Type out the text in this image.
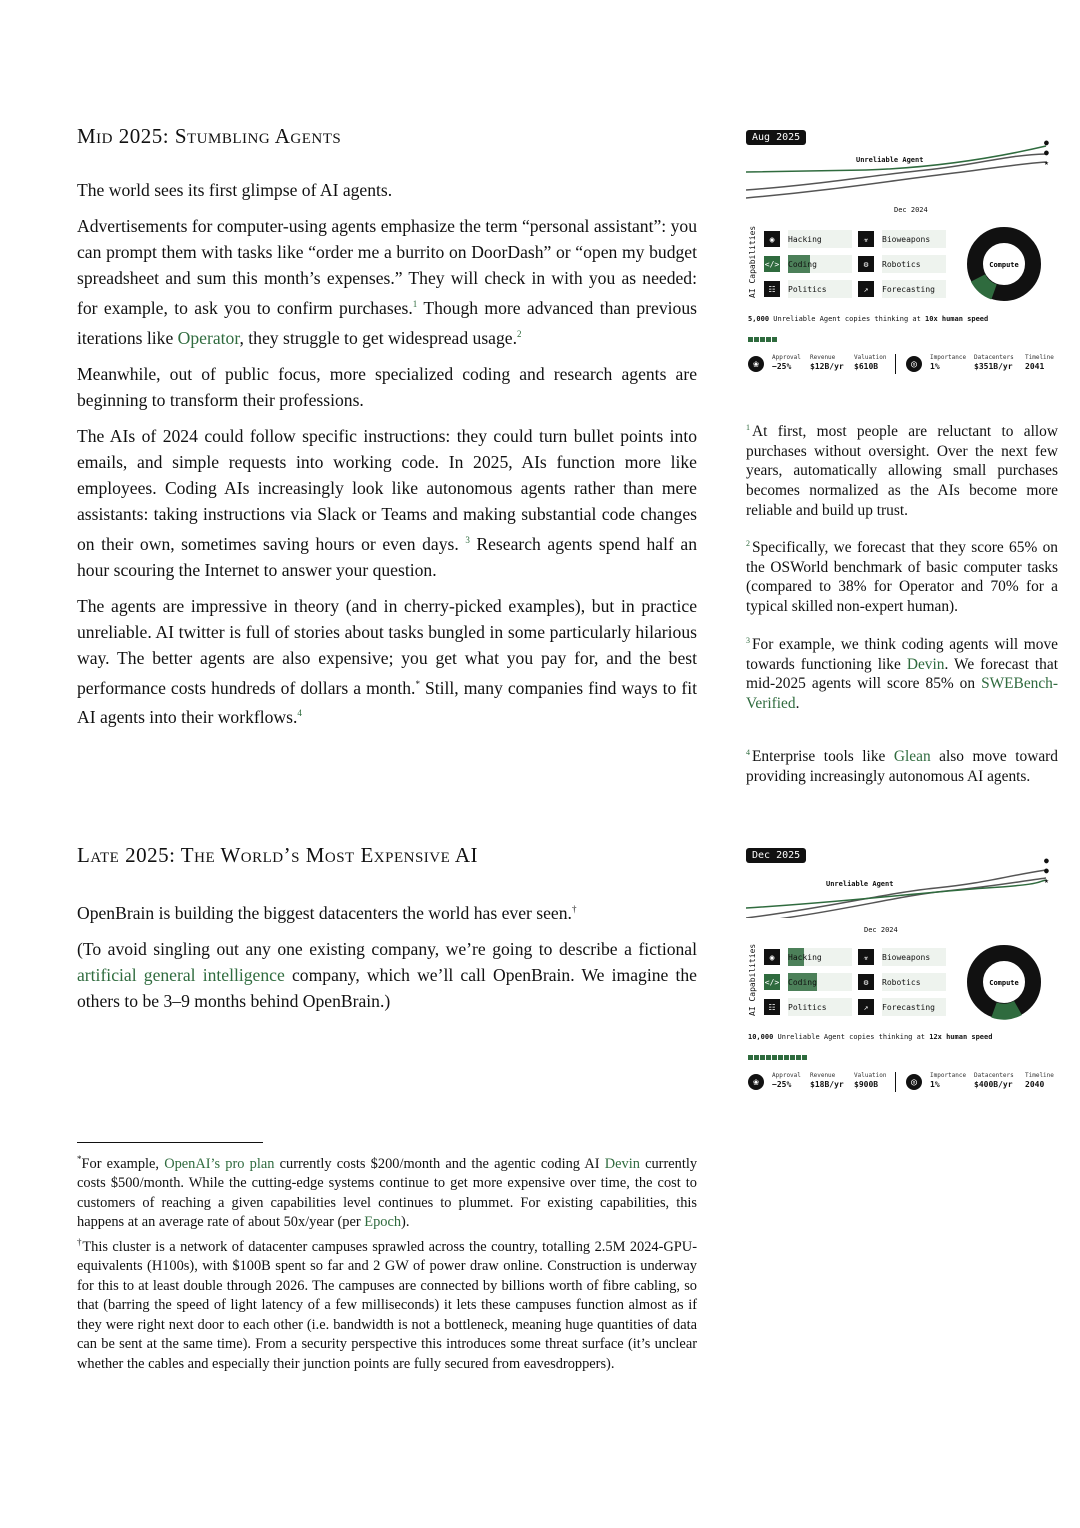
Mid 2025: Stumbling Agents

The world sees its first glimpse of AI agents.

Advertisements for computer-using agents emphasize the term “personal assistant”: you can prompt them with tasks like “order me a burrito on DoorDash” or “open my budget spreadsheet and sum this month’s expenses.” They will check in with you as needed: for example, to ask you to confirm purchases.$^1$ Though more advanced than previous iterations like Operator, they struggle to get widespread usage.$^2$

Meanwhile, out of public focus, more specialized coding and research agents are beginning to transform their professions.

The AIs of 2024 could follow specific instructions: they could turn bullet points into emails, and simple requests into working code. In 2025, AIs function more like employees. Coding AIs increasingly look like autonomous agents rather than mere assistants: taking instructions via Slack or Teams and making substantial code changes on their own, sometimes saving hours or even days. $^3$ Research agents spend half an hour scouring the Internet to answer your question.

The agents are impressive in theory (and in cherry-picked examples), but in practice unreliable. AI twitter is full of stories about tasks bungled in some particularly hilarious way. The better agents are also expensive; you get what you pay for, and the best performance costs hundreds of dollars a month.* Still, many companies find ways to fit AI agents into their workflows.$^4$

Late 2025: The World’s Most Expensive AI

OpenBrain is building the biggest datacenters the world has ever seen.†

(To avoid singling out any one existing company, we’re going to describe a fictional artificial general intelligence company, which we’ll call OpenBrain. We imagine the others to be 3–9 months behind OpenBrain.)

$^1$ At first, most people are reluctant to allow purchases without oversight. Over the next few years, automatically allowing small purchases becomes normalized as the AIs become more reliable and build up trust.

$^2$ Specifically, we forecast that they score 65% on the OSWorld benchmark of basic computer tasks (compared to 38% for Operator and 70% for a typical skilled non-expert human).

$^3$ For example, we think coding agents will move towards functioning like Devin. We forecast that mid-2025 agents will score 85% on SWEBench-Verified.

$^4$ Enterprise tools like Glean also move toward providing increasingly autonomous AI agents.

Aug 2025
Unreliable Agent
●
●
★
Dec 2024
AI Capabilities	◉	Hacking	☣	Bioweapons
</> Coding	⚙	Robotics
☷	Politics	↗	Forecasting
Compute
5,000 Unreliable Agent copies thinking at 10x human speed
❀	◎
Approval
−25%
Revenue
$12B/yr
Valuation
$610B
Importance
1%
Datacenters
$351B/yr
Timeline
2041
Dec 2025
Unreliable Agent
●
●
★
Dec 2024
AI Capabilities	◉	Hacking	☣	Bioweapons
</> Coding	⚙	Robotics
☷	Politics	↗	Forecasting
Compute
10,000 Unreliable Agent copies thinking at 12x human speed
❀	◎
Approval
−25%
Revenue
$18B/yr
Valuation
$900B
Importance
1%
Datacenters
$400B/yr
Timeline
2040
*For example, OpenAI’s pro plan currently costs $200/month and the agentic coding AI Devin currently costs $500/month. While the cutting-edge systems continue to get more expensive over time, the cost to customers of reaching a given capabilities level continues to plummet. For existing capabilities, this happens at an average rate of about 50x/year (per Epoch).
†This cluster is a network of datacenter campuses sprawled across the country, totalling 2.5M 2024-GPU-equivalents (H100s), with $100B spent so far and 2 GW of power draw online. Construction is underway for this to at least double through 2026. The campuses are connected by billions worth of fibre cabling, so that (barring the speed of light latency of a few milliseconds) it lets these campuses function almost as if they were right next door to each other (i.e. bandwidth is not a bottleneck, meaning huge quantities of data can be sent at the same time). From a security perspective this introduces some threat surface (it’s unclear whether the cables and especially their junction points are fully secured from eavesdroppers).
